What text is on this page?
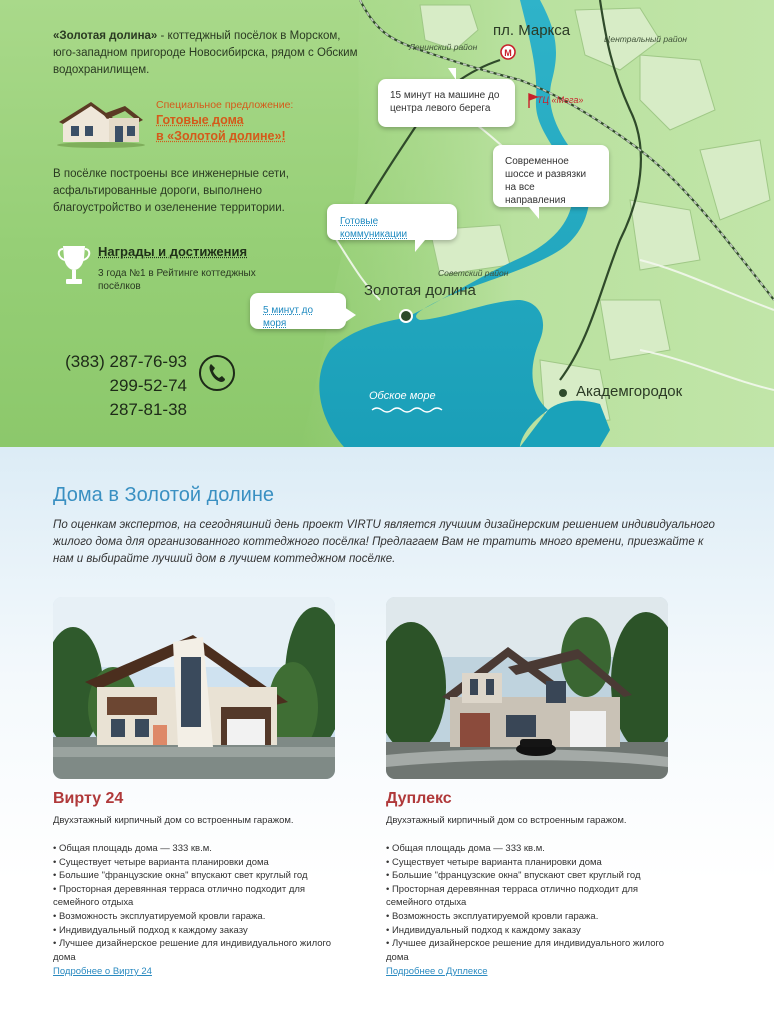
M
«Золотая долина» - коттеджный посёлок в Морском, юго-западном пригороде Новосибирска, рядом с Обским водохранилищем.
Специальное предложение:
Готовые дома
в «Золотой долине»!
В посёлке построены все инженерные сети, асфальтированные дороги, выполнено благоустройство и озеленение территории.
Награды и достижения
3 года №1 в Рейтинге коттеджных посёлков
(383) 287-76-93
299-52-74
287-81-38
пл. Маркса
Ленинский район
Центральный район
ТЦ «Мега»
Советский район
Золотая долина
Академгородок
Обское море
15 минут на машине до центра левого берега
Современное шоссе и развязки на все направления
Готовые коммуникации
5 минут до моря
Дома в Золотой долине
По оценкам экспертов, на сегодняшний день проект VIRTU является лучшим дизайнерским решением индивидуального жилого дома для организованного коттеджного посёлка! Предлагаем Вам не тратить много времени, приезжайте к нам и выбирайте лучший дом в лучшем коттеджном посёлке.
Вирту 24
Двухэтажный кирпичный дом со встроенным гаражом.
• Общая площадь дома — 333 кв.м.
• Существует четыре варианта планировки дома
• Большие "французские окна" впускают свет круглый год
• Просторная деревянная терраса отлично подходит для семейного отдыха
• Возможность эксплуатируемой кровли гаража.
• Индивидуальный подход к каждому заказу
• Лучшее дизайнерское решение для индивидуального жилого дома
Подробнее о Вирту 24
Дуплекс
Двухэтажный кирпичный дом со встроенным гаражом.
• Общая площадь дома — 333 кв.м.
• Существует четыре варианта планировки дома
• Большие "французские окна" впускают свет круглый год
• Просторная деревянная терраса отлично подходит для семейного отдыха
• Возможность эксплуатируемой кровли гаража.
• Индивидуальный подход к каждому заказу
• Лучшее дизайнерское решение для индивидуального жилого дома
Подробнее о Дуплексе
